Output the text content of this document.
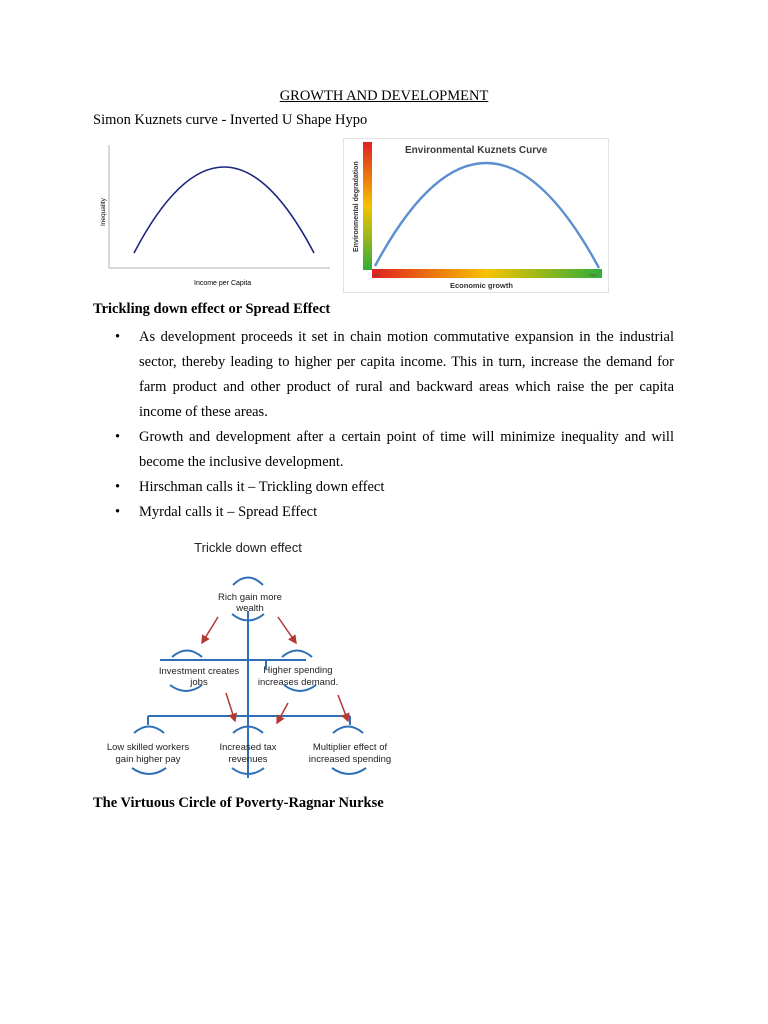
GROWTH AND DEVELOPMENT
Simon Kuznets curve - Inverted U Shape Hypo
Inequality
Income per Capita
Environmental Kuznets Curve
Environmental degradation
Economic growth
low	high
Trickling down effect or Spread Effect
•	As development proceeds it set in chain motion commutative expansion in the industrial sector, thereby leading to higher per capita income. This in turn, increase the demand for farm product and other product of rural and backward areas which raise the per capita income of these areas.
•	Growth and development after a certain point of time will minimize inequality and will become the inclusive development.
•	Hirschman calls it – Trickling down effect
•	Myrdal calls it – Spread Effect
Trickle down effect
Rich gain more
wealth
Investment creates
jobs
Higher spending
increases demand.
Low skilled workers
gain higher pay
Increased tax
revenues
Multiplier effect of
increased spending
The Virtuous Circle of Poverty-Ragnar Nurkse
